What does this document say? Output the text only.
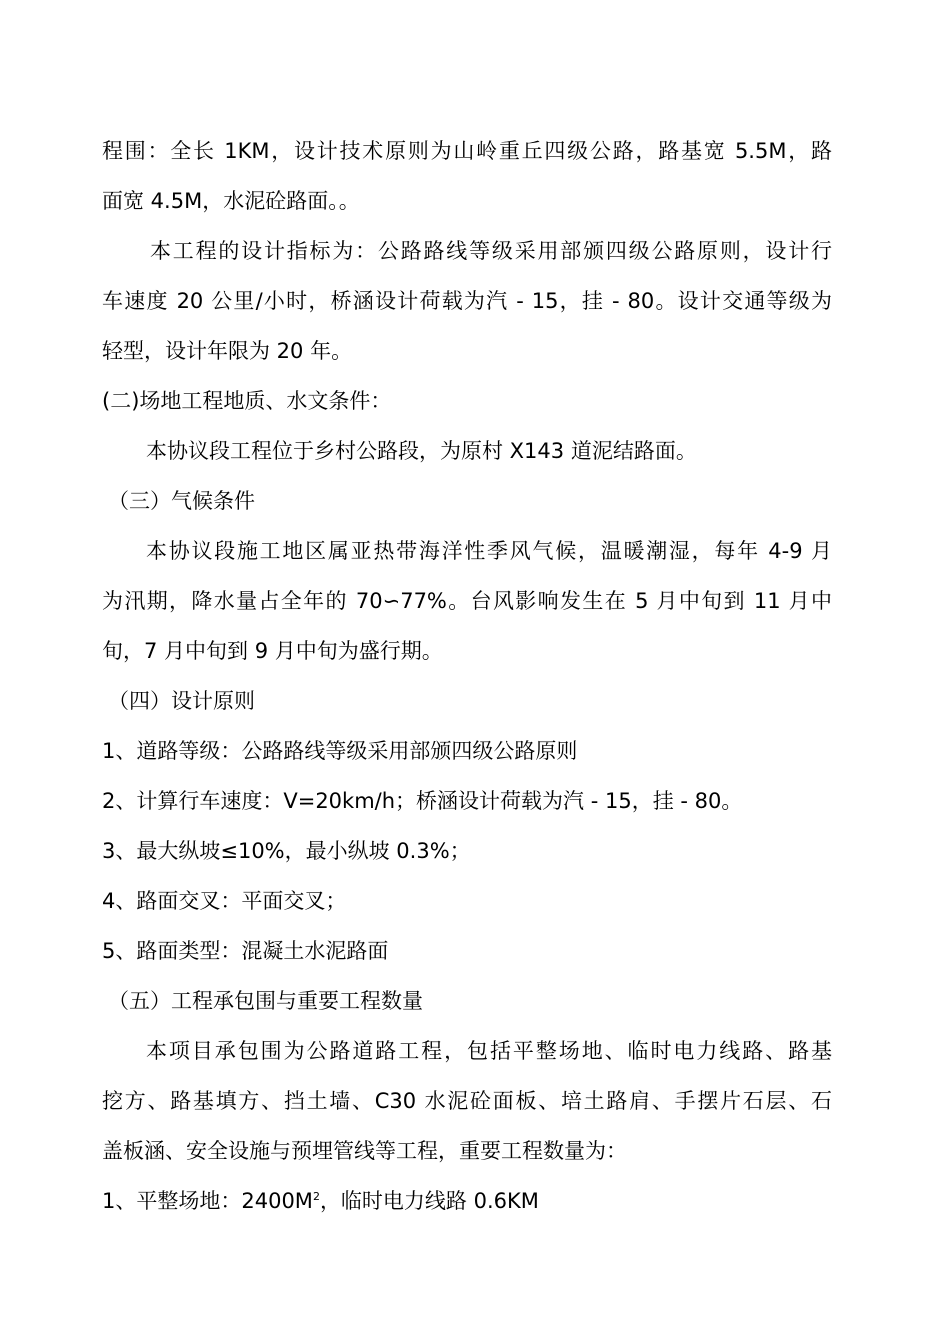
程围：全长 1KM，设计技术原则为山岭重丘四级公路，路基宽 5.5M，路
面宽 4.5M，水泥砼路面。。
本工程的设计指标为：公路路线等级采用部颁四级公路原则，设计行
车速度 20 公里/小时，桥涵设计荷载为汽 - 15，挂 - 80。设计交通等级为
轻型，设计年限为 20 年。
(二)场地工程地质、水文条件：
本协议段工程位于乡村公路段，为原村 X143 道泥结路面。
（三）气候条件
本协议段施工地区属亚热带海洋性季风气候，温暖潮湿，每年 4-9 月
为汛期，降水量占全年的 70∽77%。台风影响发生在 5 月中旬到 11 月中
旬，7 月中旬到 9 月中旬为盛行期。
（四）设计原则
1、道路等级：公路路线等级采用部颁四级公路原则
2、计算行车速度：V=20km/h；桥涵设计荷载为汽 - 15，挂 - 80。
3、最大纵坡≤10%，最小纵坡 0.3%；
4、路面交叉：平面交叉；
5、路面类型：混凝土水泥路面
（五）工程承包围与重要工程数量
本项目承包围为公路道路工程，包括平整场地、临时电力线路、路基
挖方、路基填方、挡土墙、C30 水泥砼面板、培土路肩、手摆片石层、石
盖板涵、安全设施与预埋管线等工程，重要工程数量为：
1、平整场地：$2400M^2$，临时电力线路 0.6KM
